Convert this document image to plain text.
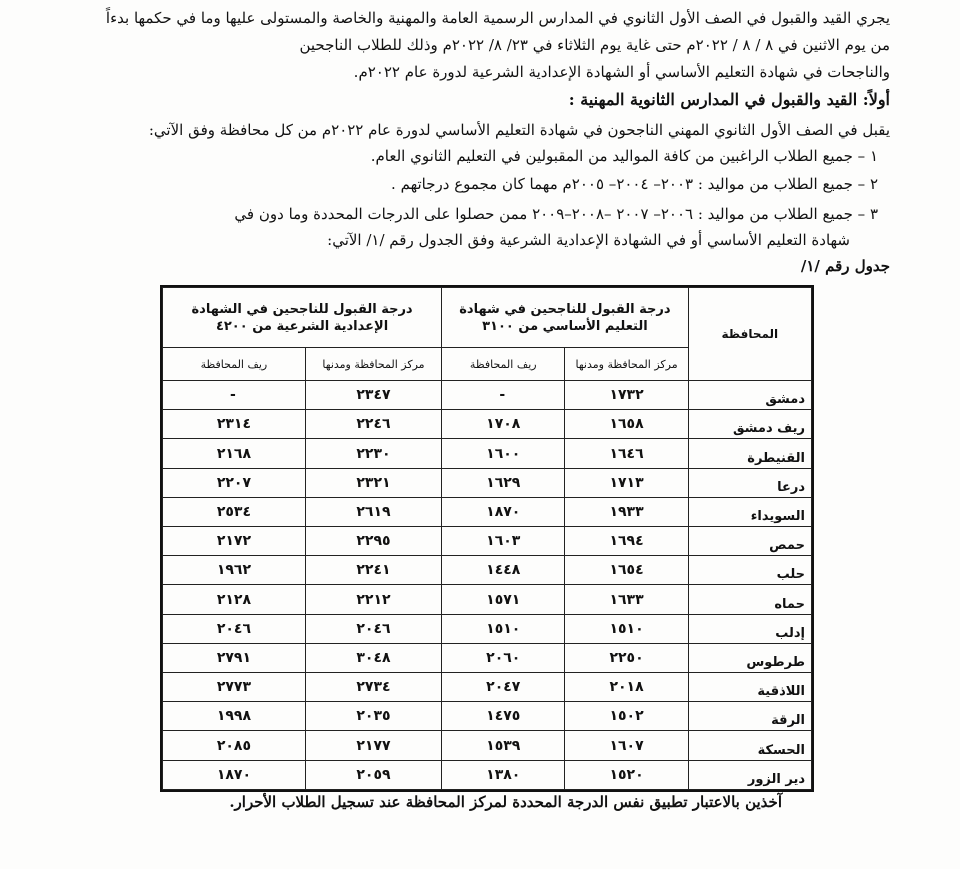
يجري القيد والقبول في الصف الأول الثانوي في المدارس الرسمية العامة والمهنية والخاصة والمستولى عليها وما في حكمها بدءاً
من يوم الاثنين في ٨ / ٨ / ٢٠٢٢م حتى غاية يوم الثلاثاء في ٢٣/ ٨/ ٢٠٢٢م وذلك للطلاب الناجحين
والناجحات في شهادة التعليم الأساسي أو الشهادة الإعدادية الشرعية لدورة عام ٢٠٢٢م.
أولاً: القيد والقبول في المدارس الثانوية المهنية :
يقبل في الصف الأول الثانوي المهني الناجحون في شهادة التعليم الأساسي لدورة عام ٢٠٢٢م من كل محافظة وفق الآتي:
١ – جميع الطلاب الراغبين من كافة المواليد من المقبولين في التعليم الثانوي العام.
٢ – جميع الطلاب من مواليد : ٢٠٠٣– ٢٠٠٤– ٢٠٠٥م مهما كان مجموع درجاتهم .
٣ – جميع الطلاب من مواليد : ٢٠٠٦– ٢٠٠٧ –٢٠٠٨–٢٠٠٩ ممن حصلوا على الدرجات المحددة وما دون في
شهادة التعليم الأساسي أو في الشهادة الإعدادية الشرعية وفق الجدول رقم /١/ الآتي:
جدول رقم /١/
المحافظة	درجة القبول للناجحين في شهادة التعليم الأساسي من ٣١٠٠		درجة القبول للناجحين في الشهادة الإعدادية الشرعية من ٤٢٠٠	
	مركز المحافظة ومدنها	ريف المحافظة	مركز المحافظة ومدنها	ريف المحافظة
دمشق	١٧٣٢	-	٢٣٤٧	-
ريف دمشق	١٦٥٨	١٧٠٨	٢٢٤٦	٢٣١٤
القنيطرة	١٦٤٦	١٦٠٠	٢٢٣٠	٢١٦٨
درعا	١٧١٣	١٦٢٩	٢٣٢١	٢٢٠٧
السويداء	١٩٣٣	١٨٧٠	٢٦١٩	٢٥٣٤
حمص	١٦٩٤	١٦٠٣	٢٢٩٥	٢١٧٢
حلب	١٦٥٤	١٤٤٨	٢٢٤١	١٩٦٢
حماه	١٦٣٣	١٥٧١	٢٢١٢	٢١٢٨
إدلب	١٥١٠	١٥١٠	٢٠٤٦	٢٠٤٦
طرطوس	٢٢٥٠	٢٠٦٠	٣٠٤٨	٢٧٩١
اللاذقية	٢٠١٨	٢٠٤٧	٢٧٣٤	٢٧٧٣
الرقة	١٥٠٢	١٤٧٥	٢٠٣٥	١٩٩٨
الحسكة	١٦٠٧	١٥٣٩	٢١٧٧	٢٠٨٥
دير الزور	١٥٢٠	١٣٨٠	٢٠٥٩	١٨٧٠
آخذين بالاعتبار تطبيق نفس الدرجة المحددة لمركز المحافظة عند تسجيل الطلاب الأحرار.
